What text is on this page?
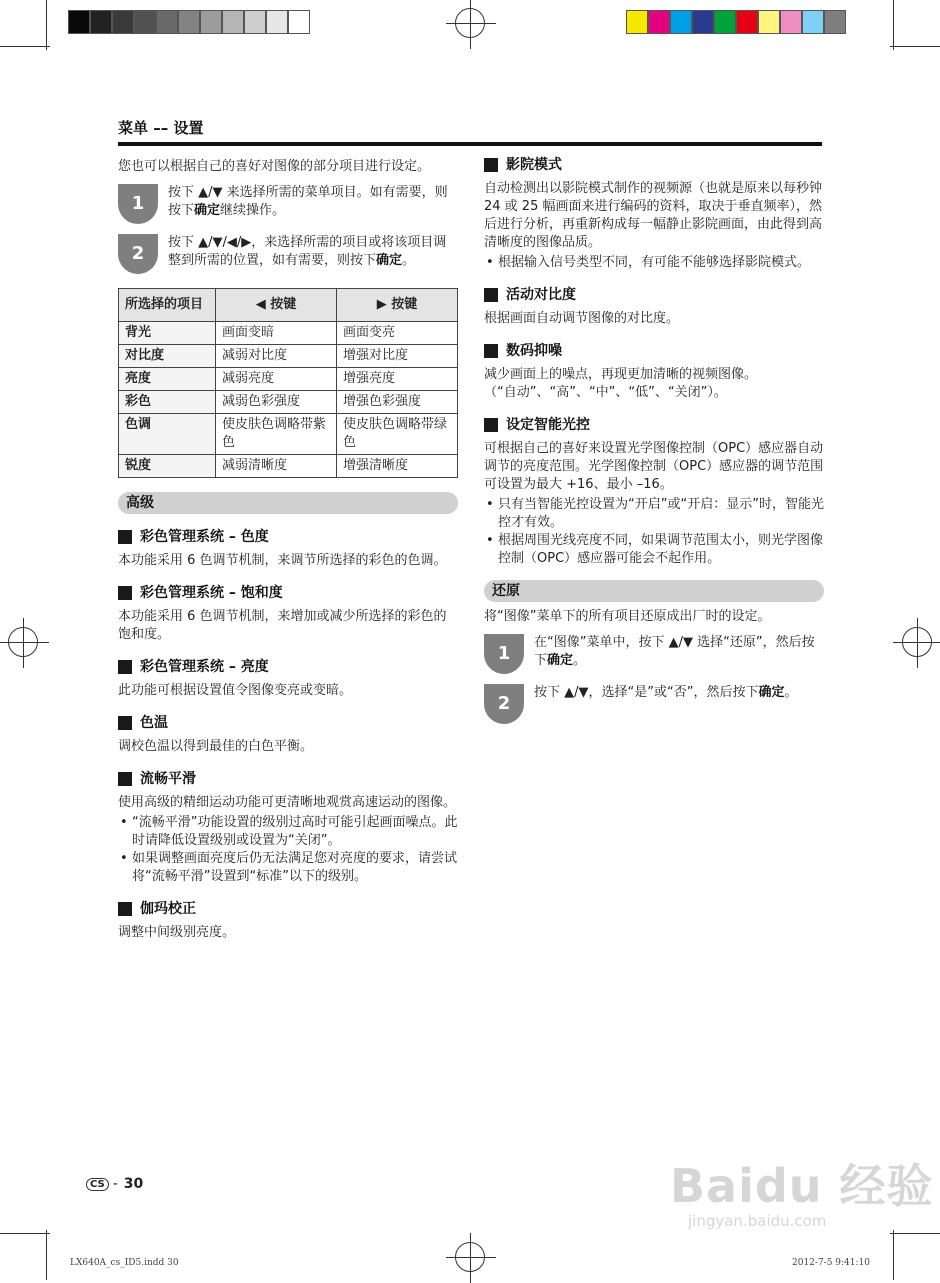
菜单 –– 设置

您也可以根据自己的喜好对图像的部分项目进行设定。

1
按下 ▲/▼ 来选择所需的菜单项目。如有需要，则按下确定继续操作。
2
按下 ▲/▼/◀/▶，来选择所需的项目或将该项目调整到所需的位置，如有需要，则按下确定。
所选择的项目	◀ 按键	▶ 按键
背光	画面变暗	画面变亮
对比度	减弱对比度	增强对比度
亮度	减弱亮度	增强亮度
彩色	减弱色彩强度	增强色彩强度
色调	使皮肤色调略带紫色	使皮肤色调略带绿色
锐度	减弱清晰度	增强清晰度
高级
彩色管理系统 – 色度

本功能采用 6 色调节机制，来调节所选择的彩色的色调。

彩色管理系统 – 饱和度

本功能采用 6 色调节机制，来增加或减少所选择的彩色的饱和度。

彩色管理系统 – 亮度

此功能可根据设置值令图像变亮或变暗。

色温

调校色温以得到最佳的白色平衡。

流畅平滑

使用高级的精细运动功能可更清晰地观赏高速运动的图像。

• “流畅平滑”功能设置的级别过高时可能引起画面噪点。此时请降低设置级别或设置为“关闭”。
• 如果调整画面亮度后仍无法满足您对亮度的要求，请尝试将“流畅平滑”设置到“标准”以下的级别。
伽玛校正

调整中间级别亮度。

影院模式

自动检测出以影院模式制作的视频源（也就是原来以每秒钟 24 或 25 幅画面来进行编码的资料，取决于垂直频率），然后进行分析，再重新构成每一幅静止影院画面，由此得到高清晰度的图像品质。

• 根据输入信号类型不同，有可能不能够选择影院模式。
活动对比度

根据画面自动调节图像的对比度。

数码抑噪

减少画面上的噪点，再现更加清晰的视频图像。

（“自动”、“高”、“中”、“低”、“关闭”）。

设定智能光控

可根据自己的喜好来设置光学图像控制（OPC）感应器自动调节的亮度范围。光学图像控制（OPC）感应器的调节范围可设置为最大 +16、最小 –16。

• 只有当智能光控设置为“开启”或“开启：显示”时，智能光控才有效。
• 根据周围光线亮度不同，如果调节范围太小，则光学图像控制（OPC）感应器可能会不起作用。
还原

将“图像”菜单下的所有项目还原成出厂时的设定。

1
在“图像”菜单中，按下 ▲/▼ 选择“还原”，然后按下确定。
2
按下 ▲/▼，选择“是”或“否”，然后按下确定。
CS - 30
LX640A_cs_ID5.indd 30	2012-7-5 9:41:10
Baidu 经验
jingyan.baidu.com
